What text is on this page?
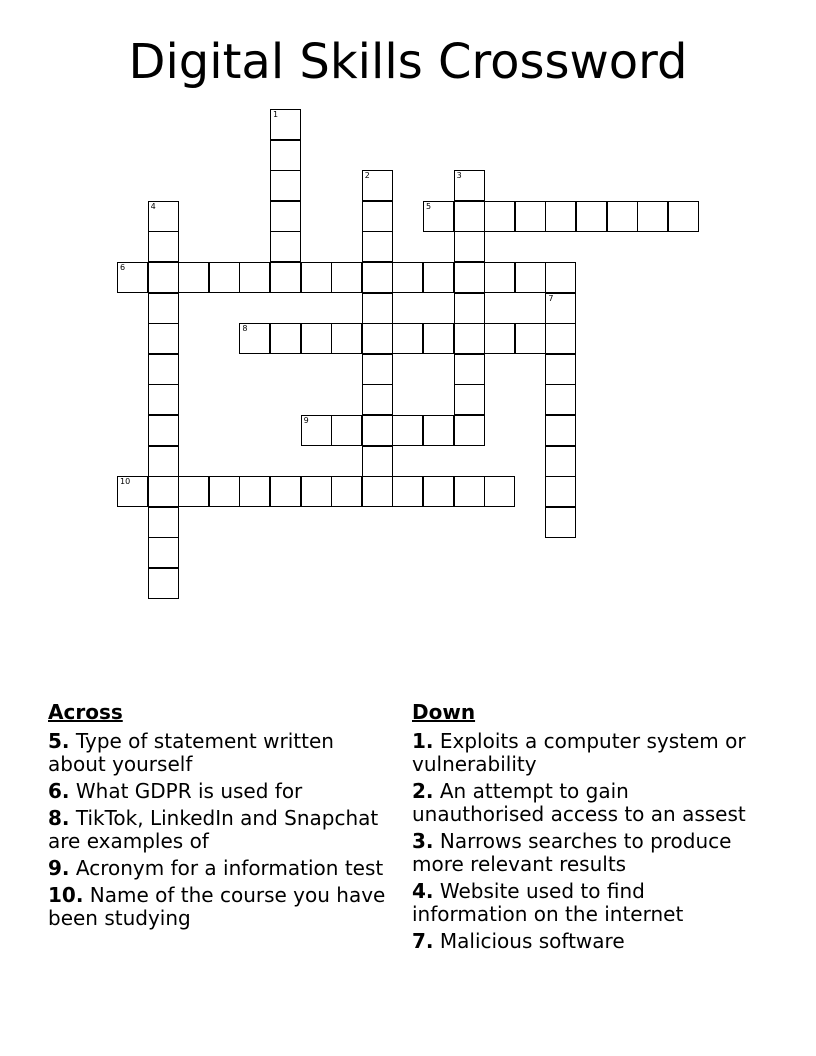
Digital Skills Crossword
1
2	3
4	5
6
7
8
9
10
Across
5. Type of statement written about yourself
6. What GDPR is used for
8. TikTok, LinkedIn and Snapchat are examples of
9. Acronym for a information test
10. Name of the course you have been studying
Down
1. Exploits a computer system or vulnerability
2. An attempt to gain unauthorised access to an assest
3. Narrows searches to produce more relevant results
4. Website used to find information on the internet
7. Malicious software
